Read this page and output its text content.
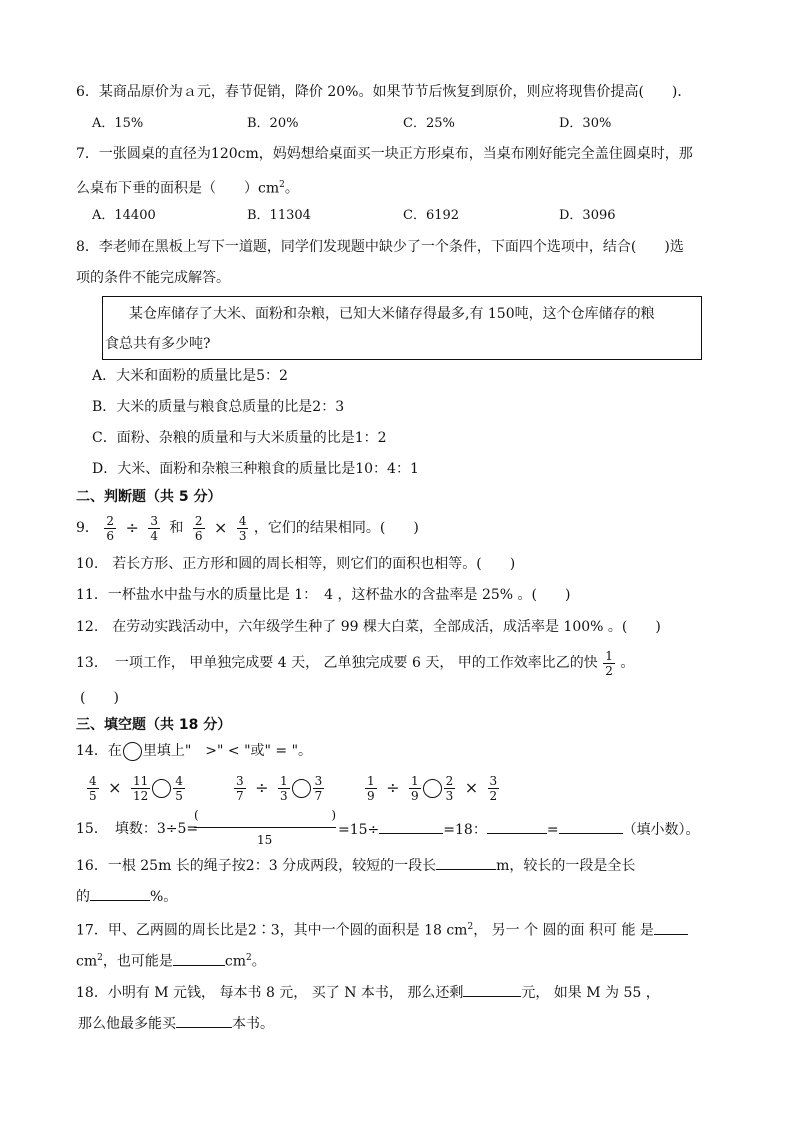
6．某商品原价为ａ元，春节促销，降价 20%。如果节节后恢复到原价，则应将现售价提高(　　)．
A．15%	B．20%	C．25%	D．30%
7．一张圆桌的直径为120cm，妈妈想给桌面买一块正方形桌布，当桌布刚好能完全盖住圆桌时，那
么桌布下垂的面积是（　　）$cm^2$。
A．14400	B．11304	C．6192	D．3096
8．李老师在黑板上写下一道题，同学们发现题中缺少了一个条件，下面四个选项中，结合(　　)选
项的条件不能完成解答。
某仓库储存了大米、面粉和杂粮，已知大米储存得最多,有 150吨，这个仓库储存的粮
食总共有多少吨?
A．大米和面粉的质量比是5：2
B．大米的质量与粮食总质量的比是2：3
C．面粉、杂粮的质量和与大米质量的比是1：2
D．大米、面粉和杂粮三种粮食的质量比是10：4：1
二、判断题（共 5 分）
9． $\frac{2}{6} \div \frac{3}{4}$ 和 $\frac{2}{6} \times \frac{4}{3}$ ，它们的结果相同。(　　)
10.　若长方形、正方形和圆的周长相等，则它们的面积也相等。(　　)
11．一杯盐水中盐与水的质量比是 1：　4 ，这杯盐水的含盐率是 25% 。(　　)
12.　在劳动实践活动中，六年级学生种了 99 棵大白菜，全部成活，成活率是 100% 。(　　)
13．　一项工作， 甲单独完成要 4 天， 乙单独完成要 6 天， 甲的工作效率比乙的快 $\frac{1}{2}$ 。
(　　)
三、填空题（共 18 分）
14．在 里填上"　>" < "或" = "。
$\frac{4}{5} \times \frac{11}{12} \frac{4}{5}$	$\frac{3}{7} \div \frac{1}{3} \frac{3}{7}$	$\frac{1}{9} \div \frac{1}{9} \frac{2}{3} \times \frac{3}{2}$
15．　填数：3÷5=
(	)
15
=15÷	=18：	=	（填小数）。
16．一根 25m 长的绳子按2：3 分成两段，较短的一段长	m，较长的一段是全长
的	%。
17．甲、乙两圆的周长比是2∶3，其中一个圆的面积是 18 $cm^2$， 另一 个 圆的面 积可 能 是
$cm^2$，也可能是	$cm^2$。
18．小明有 M 元钱， 每本书 8 元， 买了 N 本书， 那么还剩	元， 如果 M 为 55 ，
那么他最多能买	本书。
